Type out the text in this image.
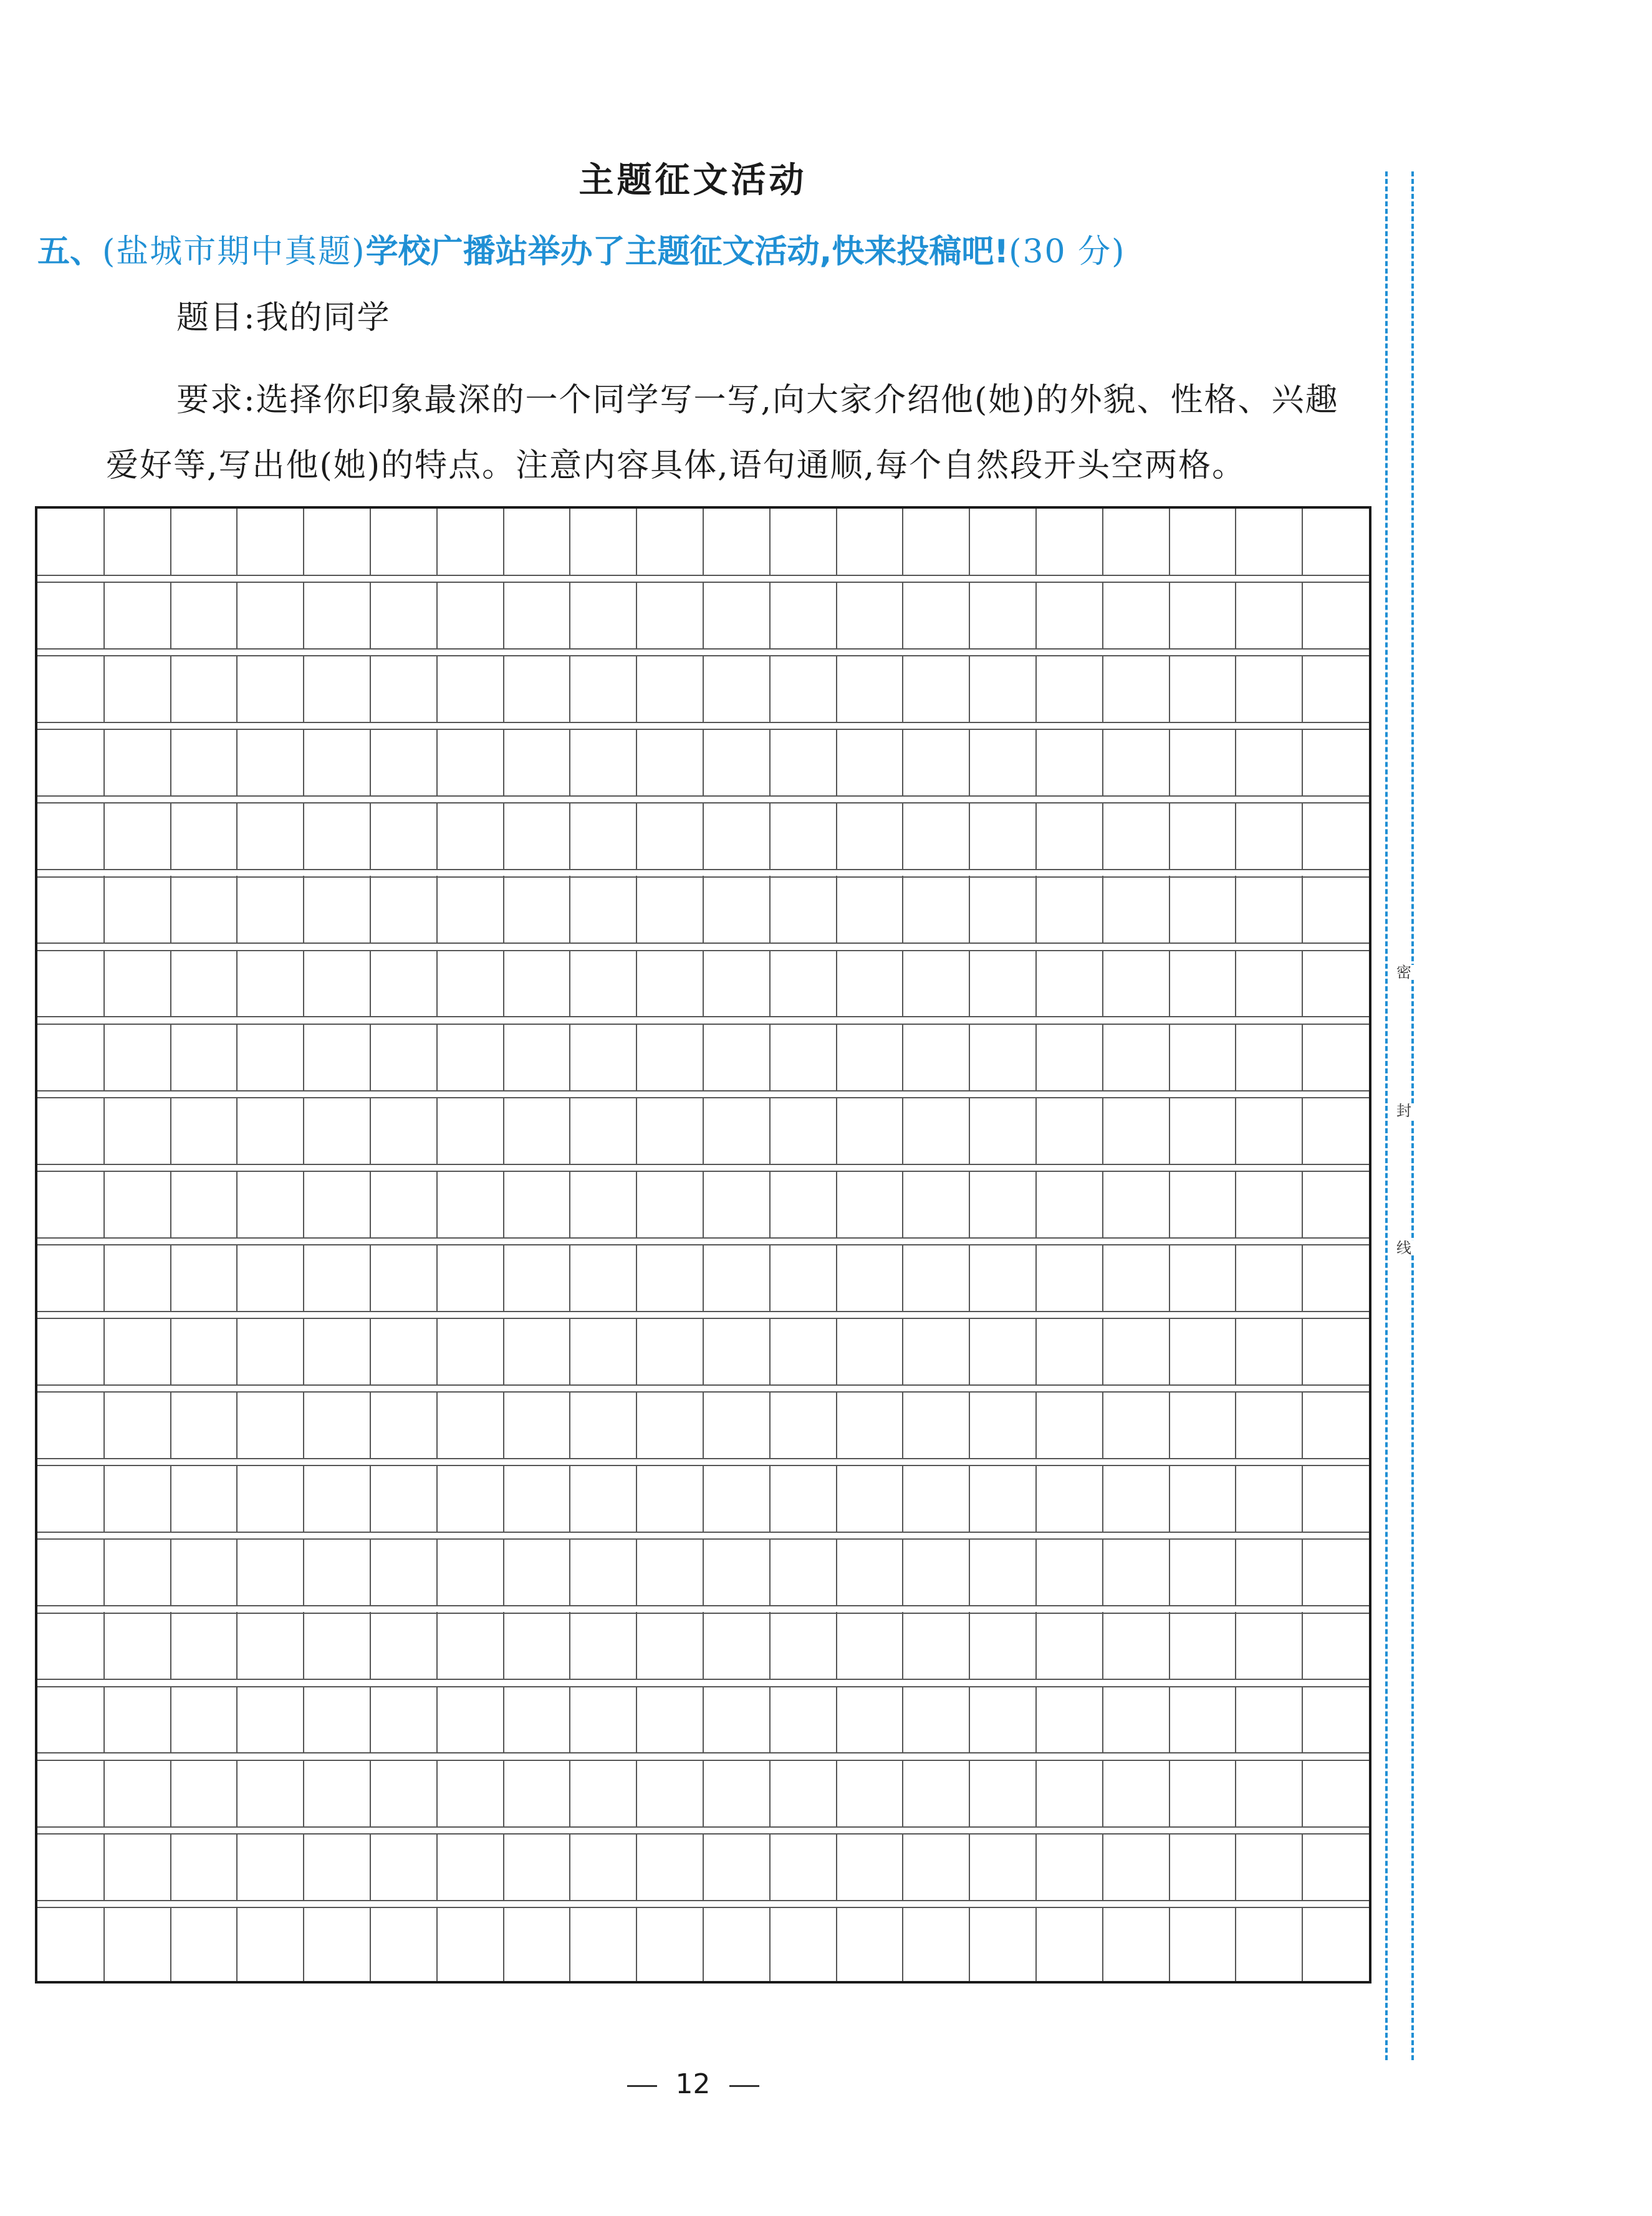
主题征文活动
五、(盐城市期中真题)学校广播站举办了主题征文活动,快来投稿吧!(30 分)
题目:我的同学
要求:选择你印象最深的一个同学写一写,向大家介绍他(她)的外貌、性格、兴趣爱好等,写出他(她)的特点。注意内容具体,语句通顺,每个自然段开头空两格。
密
封
线
12
